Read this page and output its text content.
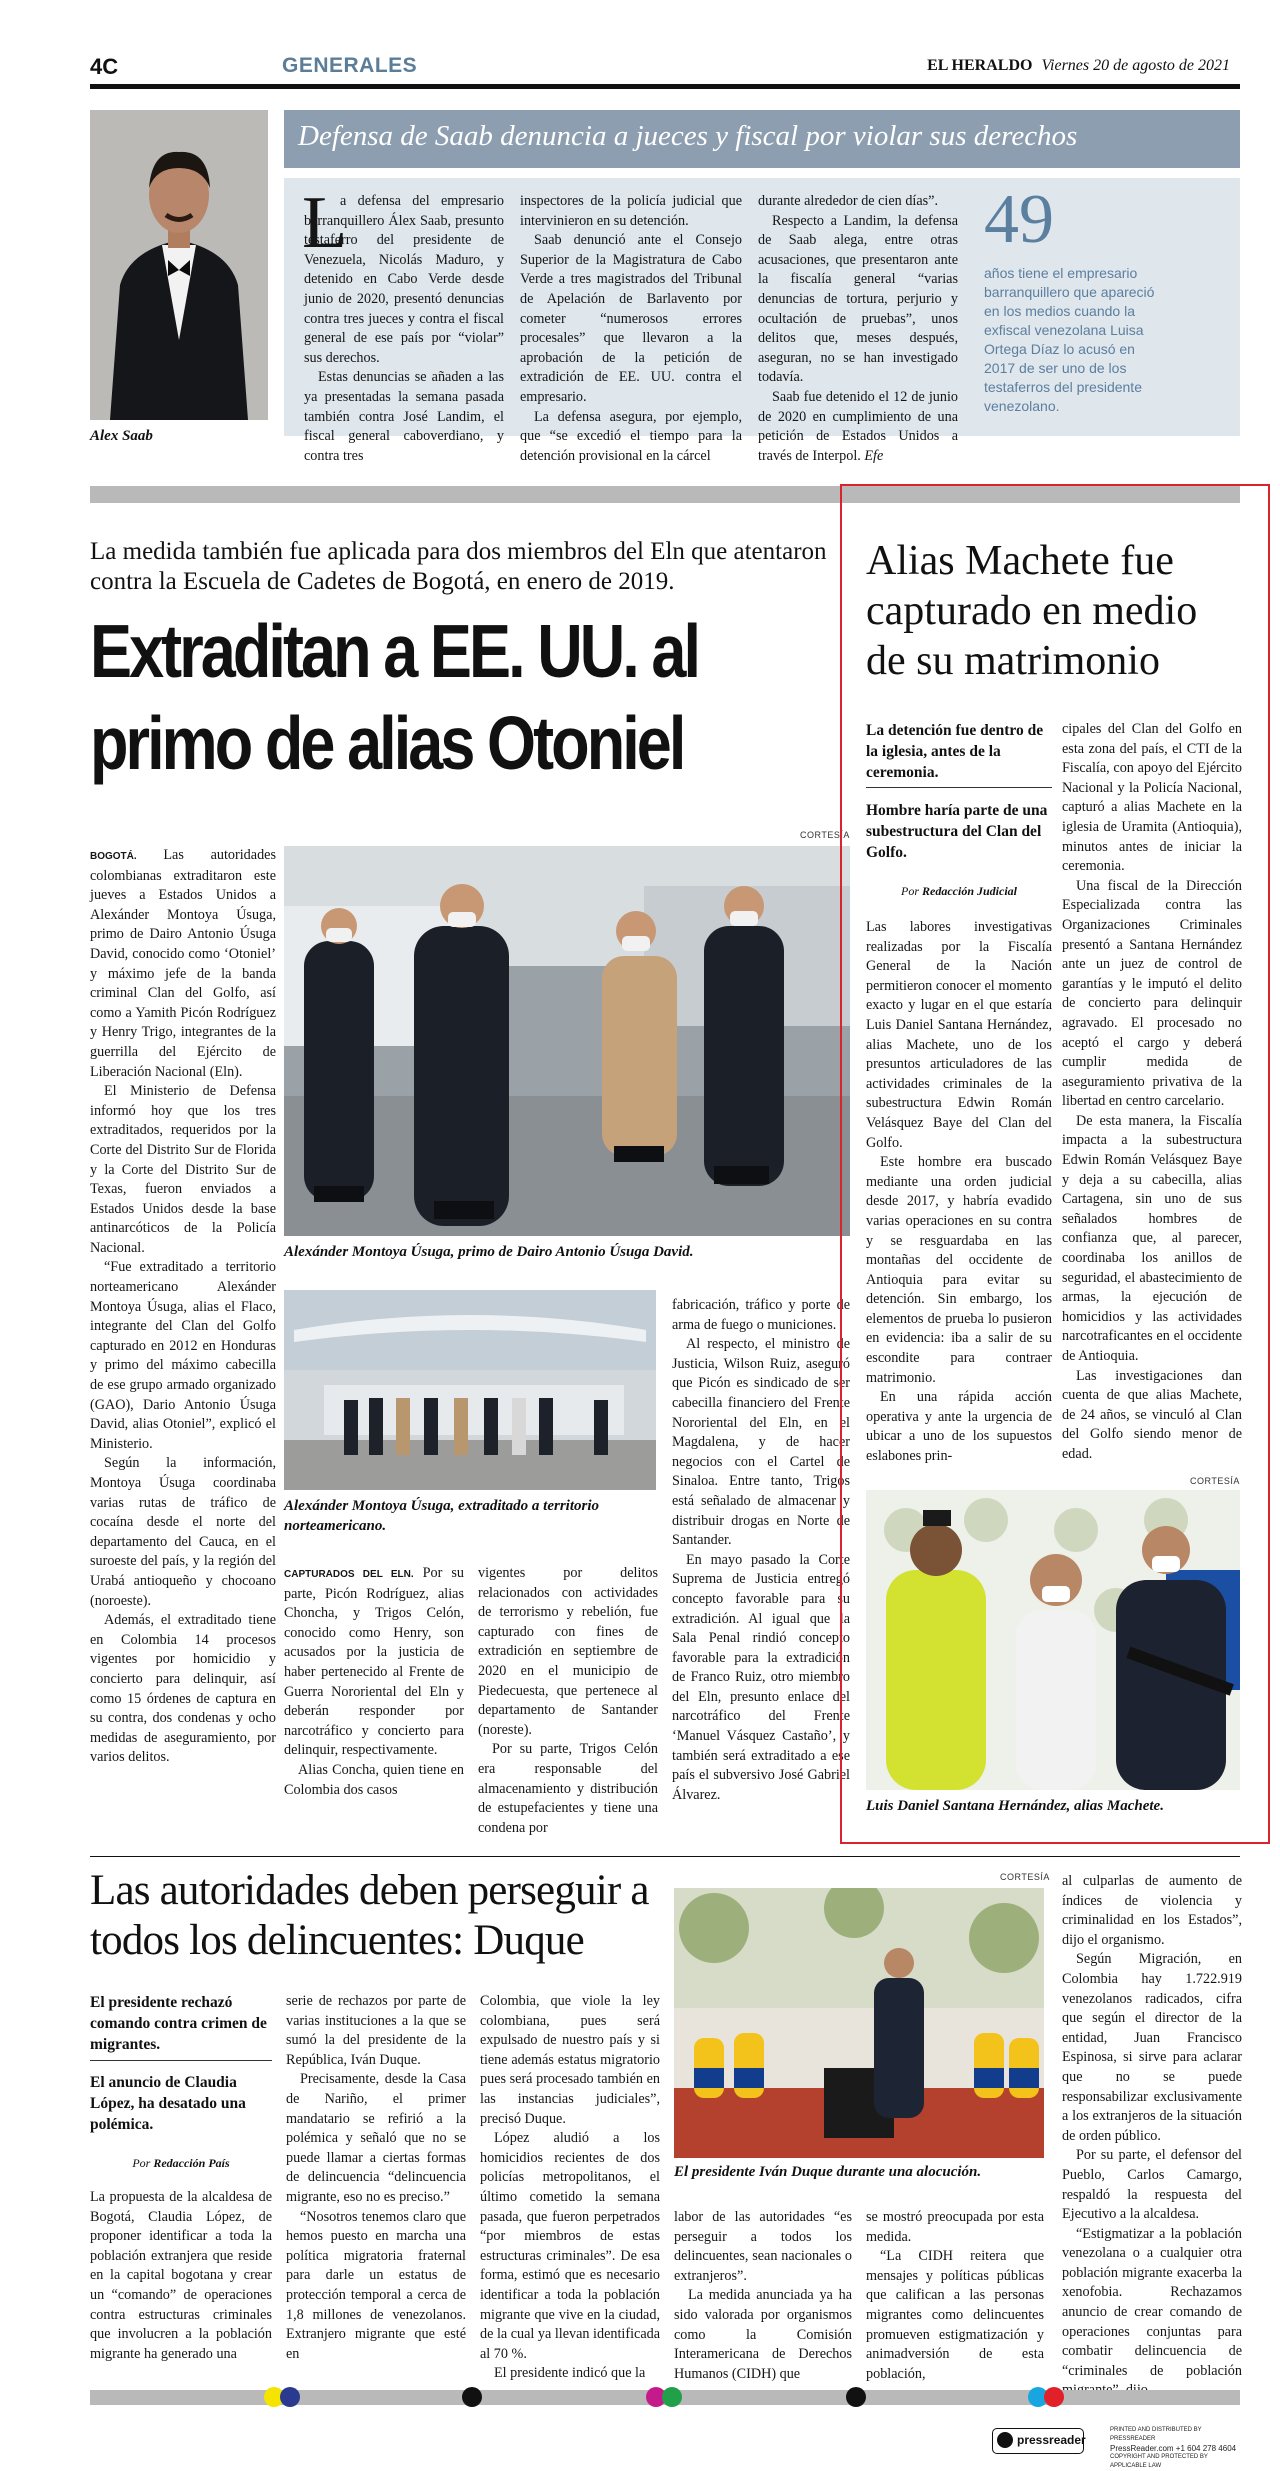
4C	GENERALES	EL HERALDO Viernes 20 de agosto de 2021
Alex Saab
Defensa de Saab denuncia a jueces y fiscal por violar sus derechos
L

a defensa del empresario barranquillero Álex Saab, presunto testaferro del presidente de Venezuela, Nicolás Maduro, y detenido en Cabo Verde desde junio de 2020, presentó denuncias contra tres jueces y contra el fiscal general de ese país por “violar” sus derechos.

Estas denuncias se añaden a las ya presentadas la semana pasada también contra José Landim, el fiscal general caboverdiano, y contra tres

inspectores de la policía judicial que intervinieron en su detención.

Saab denunció ante el Consejo Superior de la Magistratura de Cabo Verde a tres magistrados del Tribunal de Apelación de Barlavento por cometer “numerosos errores procesales” que llevaron a la aprobación de la petición de extradición de EE. UU. contra el empresario.

La defensa asegura, por ejemplo, que “se excedió el tiempo para la detención provisional en la cárcel

durante alrededor de cien días”.

Respecto a Landim, la defensa de Saab alega, entre otras acusaciones, que presentaron ante la fiscalía general “varias denuncias de tortura, perjurio y ocultación de pruebas”, unos delitos que, meses después, aseguran, no se han investigado todavía.

Saab fue detenido el 12 de junio de 2020 en cumplimiento de una petición de Estados Unidos a través de Interpol. Efe

49
años tiene el empresario barranquillero que apareció en los medios cuando la exfiscal venezolana Luisa Ortega Díaz lo acusó en 2017 de ser uno de los testaferros del presidente venezolano.
La medida también fue aplicada para dos miembros del Eln que atentaron contra la Escuela de Cadetes de Bogotá, en enero de 2019.
Extraditan a EE. UU. al primo de alias Otoniel

BOGOTÁ. Las autoridades colombianas extraditaron este jueves a Estados Unidos a Alexánder Montoya Úsuga, primo de Dairo Antonio Úsuga David, conocido como ‘Otoniel’ y máximo jefe de la banda criminal Clan del Golfo, así como a Yamith Picón Rodríguez y Henry Trigo, integrantes de la guerrilla del Ejército de Liberación Nacional (Eln).

El Ministerio de Defensa informó hoy que los tres extraditados, requeridos por la Corte del Distrito Sur de Florida y la Corte del Distrito Sur de Texas, fueron enviados a Estados Unidos desde la base antinarcóticos de la Policía Nacional.

“Fue extraditado a territorio norteamericano Alexánder Montoya Úsuga, alias el Flaco, integrante del Clan del Golfo capturado en 2012 en Honduras y primo del máximo cabecilla de ese grupo armado organizado (GAO), Dario Antonio Úsuga David, alias Otoniel”, explicó el Ministerio.

Según la información, Montoya Úsuga coordinaba varias rutas de tráfico de cocaína desde el norte del departamento del Cauca, en el suroeste del país, y la región del Urabá antioqueño y chocoano (noroeste).

Además, el extraditado tiene en Colombia 14 procesos vigentes por homicidio y concierto para delinquir, así como 15 órdenes de captura en su contra, dos condenas y ocho medidas de aseguramiento, por varios delitos.

CORTESÍA
Alexánder Montoya Úsuga, primo de Dairo Antonio Úsuga David.
Alexánder Montoya Úsuga, extraditado a territorio norteamericano.

CAPTURADOS DEL ELN. Por su parte, Picón Rodríguez, alias Choncha, y Trigos Celón, conocido como Henry, son acusados por la justicia de haber pertenecido al Frente de Guerra Nororiental del Eln y deberán responder por narcotráfico y concierto para delinquir, respectivamente.

Alias Concha, quien tiene en Colombia dos casos

vigentes por delitos relacionados con actividades de terrorismo y rebelión, fue capturado con fines de extradición en septiembre de 2020 en el municipio de Piedecuesta, que pertenece al departamento de Santander (noreste).

Por su parte, Trigos Celón era responsable del almacenamiento y distribución de estupefacientes y tiene una condena por

fabricación, tráfico y porte de arma de fuego o municiones.

Al respecto, el ministro de Justicia, Wilson Ruiz, aseguró que Picón es sindicado de ser cabecilla financiero del Frente Nororiental del Eln, en el Magdalena, y de hacer negocios con el Cartel de Sinaloa. Entre tanto, Trigos está señalado de almacenar y distribuir drogas en Norte de Santander.

En mayo pasado la Corte Suprema de Justicia entregó concepto favorable para su extradición. Al igual que la Sala Penal rindió concepto favorable para la extradición de Franco Ruiz, otro miembro del Eln, presunto enlace del narcotráfico del Frente ‘Manuel Vásquez Castaño’, y también será extraditado a ese país el subversivo José Gabriel Álvarez.

Alias Machete fue capturado en medio de su matrimonio
La detención fue dentro de la iglesia, antes de la ceremonia.
Hombre haría parte de una subestructura del Clan del Golfo.
Por Redacción Judicial

Las labores investigativas realizadas por la Fiscalía General de la Nación permitieron conocer el momento exacto y lugar en el que estaría Luis Daniel Santana Hernández, alias Machete, uno de los presuntos articuladores de las actividades criminales de la subestructura Edwin Román Velásquez Baye del Clan del Golfo.

Este hombre era buscado mediante una orden judicial desde 2017, y habría evadido varias operaciones en su contra y se resguardaba en las montañas del occidente de Antioquia para evitar su detención. Sin embargo, los elementos de prueba lo pusieron en evidencia: iba a salir de su escondite para contraer matrimonio.

En una rápida acción operativa y ante la urgencia de ubicar a uno de los supuestos eslabones prin-

cipales del Clan del Golfo en esta zona del país, el CTI de la Fiscalía, con apoyo del Ejército Nacional y la Policía Nacional, capturó a alias Machete en la iglesia de Uramita (Antioquia), minutos antes de iniciar la ceremonia.

Una fiscal de la Dirección Especializada contra las Organizaciones Criminales presentó a Santana Hernández ante un juez de control de garantías y le imputó el delito de concierto para delinquir agravado. El procesado no aceptó el cargo y deberá cumplir medida de aseguramiento privativa de la libertad en centro carcelario.

De esta manera, la Fiscalía impacta a la subestructura Edwin Román Velásquez Baye y deja a su cabecilla, alias Cartagena, sin uno de sus señalados hombres de confianza que, al parecer, coordinaba los anillos de seguridad, el abastecimiento de armas, la ejecución de homicidios y las actividades narcotraficantes en el occidente de Antioquia.

Las investigaciones dan cuenta de que alias Machete, de 24 años, se vinculó al Clan del Golfo siendo menor de edad.

CORTESÍA
Luis Daniel Santana Hernández, alias Machete.
Las autoridades deben perseguir a todos los delincuentes: Duque
El presidente rechazó comando contra crimen de migrantes.
El anuncio de Claudia López, ha desatado una polémica.
Por Redacción País

La propuesta de la alcaldesa de Bogotá, Claudia López, de proponer identificar a toda la población extranjera que reside en la capital bogotana y crear un “comando” de operaciones contra estructuras criminales que involucren a la población migrante ha generado una

serie de rechazos por parte de varias instituciones a la que se sumó la del presidente de la República, Iván Duque.

Precisamente, desde la Casa de Nariño, el primer mandatario se refirió a la polémica y señaló que no se puede llamar a ciertas formas de delincuencia “delincuencia migrante, eso no es preciso.”

“Nosotros tenemos claro que hemos puesto en marcha una política migratoria fraternal para darle un estatus de protección temporal a cerca de 1,8 millones de venezolanos. Extranjero migrante que esté en

Colombia, que viole la ley colombiana, pues será expulsado de nuestro país y si tiene además estatus migratorio pues será procesado también en las instancias judiciales”, precisó Duque.

López aludió a los homicidios recientes de dos policías metropolitanos, el último cometido la semana pasada, que fueron perpetrados “por miembros de estas estructuras criminales”. De esa forma, estimó que es necesario identificar a toda la población migrante que vive en la ciudad, de la cual ya llevan identificada al 70 %.

El presidente indicó que la

CORTESÍA
El presidente Iván Duque durante una alocución.

labor de las autoridades “es perseguir a todos los delincuentes, sean nacionales o extranjeros”.

La medida anunciada ya ha sido valorada por organismos como la Comisión Interamericana de Derechos Humanos (CIDH) que

se mostró preocupada por esta medida.

“La CIDH reitera que mensajes y políticas públicas que califican a las personas migrantes como delincuentes promueven estigmatización y animadversión de esta población,

al culparlas de aumento de índices de violencia y criminalidad en los Estados”, dijo el organismo.

Según Migración, en Colombia hay 1.722.919 venezolanos radicados, cifra que según el director de la entidad, Juan Francisco Espinosa, si sirve para aclarar que no se puede responsabilizar exclusivamente a los extranjeros de la situación de orden público.

Por su parte, el defensor del Pueblo, Carlos Camargo, respaldó la respuesta del Ejecutivo a la alcaldesa.

“Estigmatizar a la población venezolana o a cualquier otra población migrante exacerba la xenofobia. Rechazamos anuncio de crear comando de operaciones conjuntas para combatir delincuencia de “criminales de población

pressreader
PRINTED AND DISTRIBUTED BY PRESSREADER
PressReader.com +1 604 278 4604
COPYRIGHT AND PROTECTED BY APPLICABLE LAW
